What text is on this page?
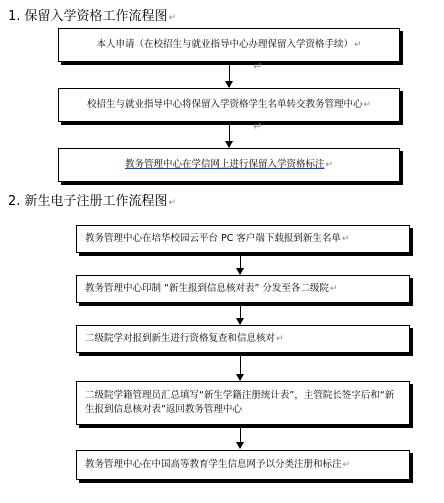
1. 保留入学资格工作流程图↵
本人申请（在校招生与就业指导中心办理保留入学资格手续） ↵
↵
校招生与就业指导中心将保留入学资格学生名单转交教务管理中心 ↵
↵
教务管理中心在学信网上进行保留入学资格标注 ↵
2. 新生电子注册工作流程图↵
教务管理中心在培华校园云平台 PC 客户端下载报到新生名单 ↵
教务管理中心印制 “新生报到信息核对表” 分发至各二级院 ↵
二级院学对报到新生进行资格复查和信息核对 ↵
二级院学籍管理员汇总填写“新生学籍注册统计表”，主管院长签字后和“新生报到信息核对表”返回教务管理中心
教务管理中心在中国高等教育学生信息网予以分类注册和标注 ↵
